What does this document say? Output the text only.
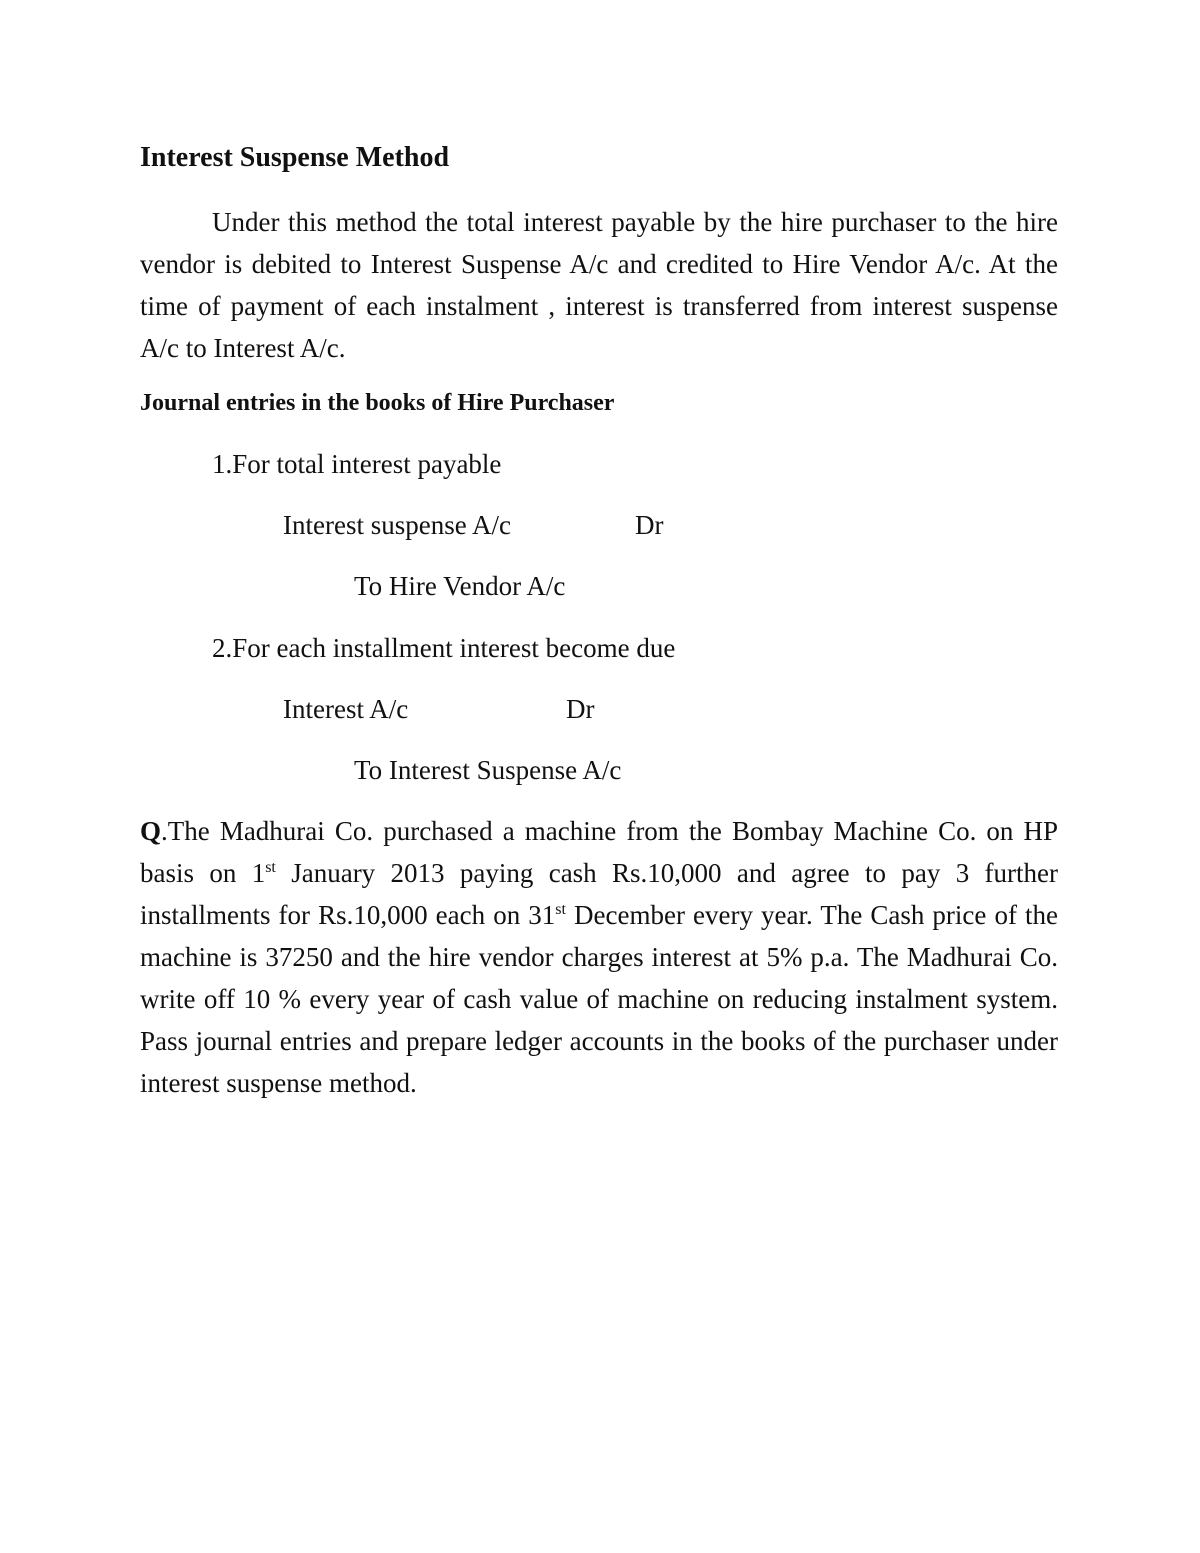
Interest Suspense Method

Under this method the total interest payable by the hire purchaser to the hire vendor is debited to Interest Suspense A/c and credited to Hire Vendor A/c. At the time of payment of each instalment , interest is transferred from interest suspense A/c to Interest A/c.

Journal entries in the books of Hire Purchaser

1.For total interest payable

Interest suspense A/c	Dr

To Hire Vendor A/c

2.For each installment interest become due

Interest A/c	Dr

To Interest Suspense A/c

Q.The Madhurai Co. purchased a machine from the Bombay Machine Co. on HP basis on 1st January 2013 paying cash Rs.10,000 and agree to pay 3 further installments for Rs.10,000 each on 31st December every year. The Cash price of the machine is 37250 and the hire vendor charges interest at 5% p.a. The Madhurai Co. write off 10 % every year of cash value of machine on reducing instalment system. Pass journal entries and prepare ledger accounts in the books of the purchaser under interest suspense method.
